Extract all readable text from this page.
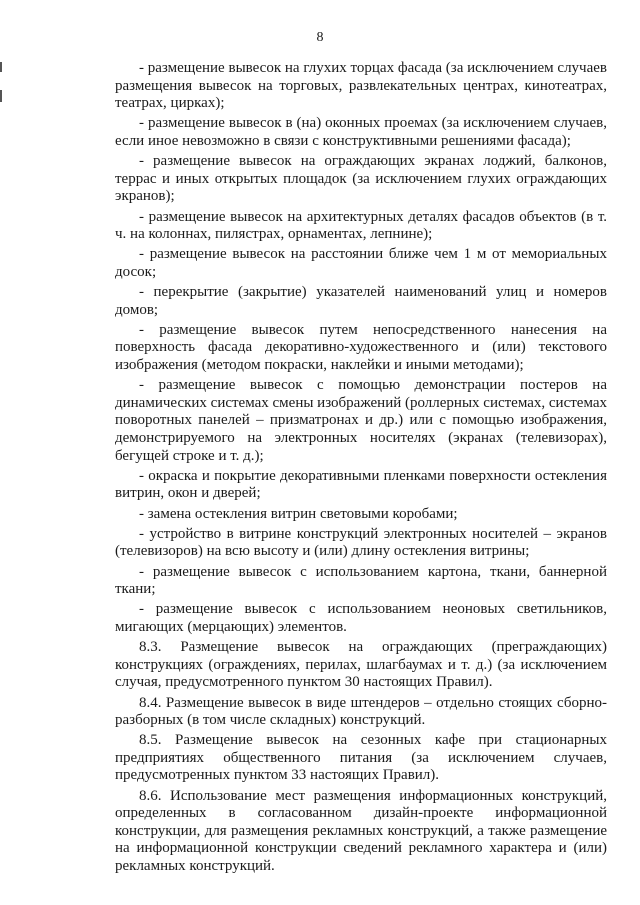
8

- размещение вывесок на глухих торцах фасада (за исключением случаев размещения вывесок на торговых, развлекательных центрах, кинотеатрах, театрах, цирках);

- размещение вывесок в (на) оконных проемах (за исключением случаев, если иное невозможно в связи с конструктивными решениями фасада);

- размещение вывесок на ограждающих экранах лоджий, балконов, террас и иных открытых площадок (за исключением глухих ограждающих экранов);

- размещение вывесок на архитектурных деталях фасадов объектов (в т. ч. на колоннах, пилястрах, орнаментах, лепнине);

- размещение вывесок на расстоянии ближе чем 1 м от мемориальных досок;

- перекрытие (закрытие) указателей наименований улиц и номеров домов;

- размещение вывесок путем непосредственного нанесения на поверхность фасада декоративно-художественного и (или) текстового изображения (методом покраски, наклейки и иными методами);

- размещение вывесок с помощью демонстрации постеров на динамических системах смены изображений (роллерных системах, системах поворотных панелей – призматронах и др.) или с помощью изображения, демонстрируемого на электронных носителях (экранах (телевизорах), бегущей строке и т. д.);

- окраска и покрытие декоративными пленками поверхности остекления витрин, окон и дверей;

- замена остекления витрин световыми коробами;

- устройство в витрине конструкций электронных носителей – экранов (телевизоров) на всю высоту и (или) длину остекления витрины;

- размещение вывесок с использованием картона, ткани, баннерной ткани;

- размещение вывесок с использованием неоновых светильников, мигающих (мерцающих) элементов.

8.3. Размещение вывесок на ограждающих (преграждающих) конструкциях (ограждениях, перилах, шлагбаумах и т. д.) (за исключением случая, предусмотренного пунктом 30 настоящих Правил).

8.4. Размещение вывесок в виде штендеров – отдельно стоящих сборно-разборных (в том числе складных) конструкций.

8.5. Размещение вывесок на сезонных кафе при стационарных предприятиях общественного питания (за исключением случаев, предусмотренных пунктом 33 настоящих Правил).

8.6. Использование мест размещения информационных конструкций, определенных в согласованном дизайн-проекте информационной конструкции, для размещения рекламных конструкций, а также размещение на информационной конструкции сведений рекламного характера и (или) рекламных конструкций.
